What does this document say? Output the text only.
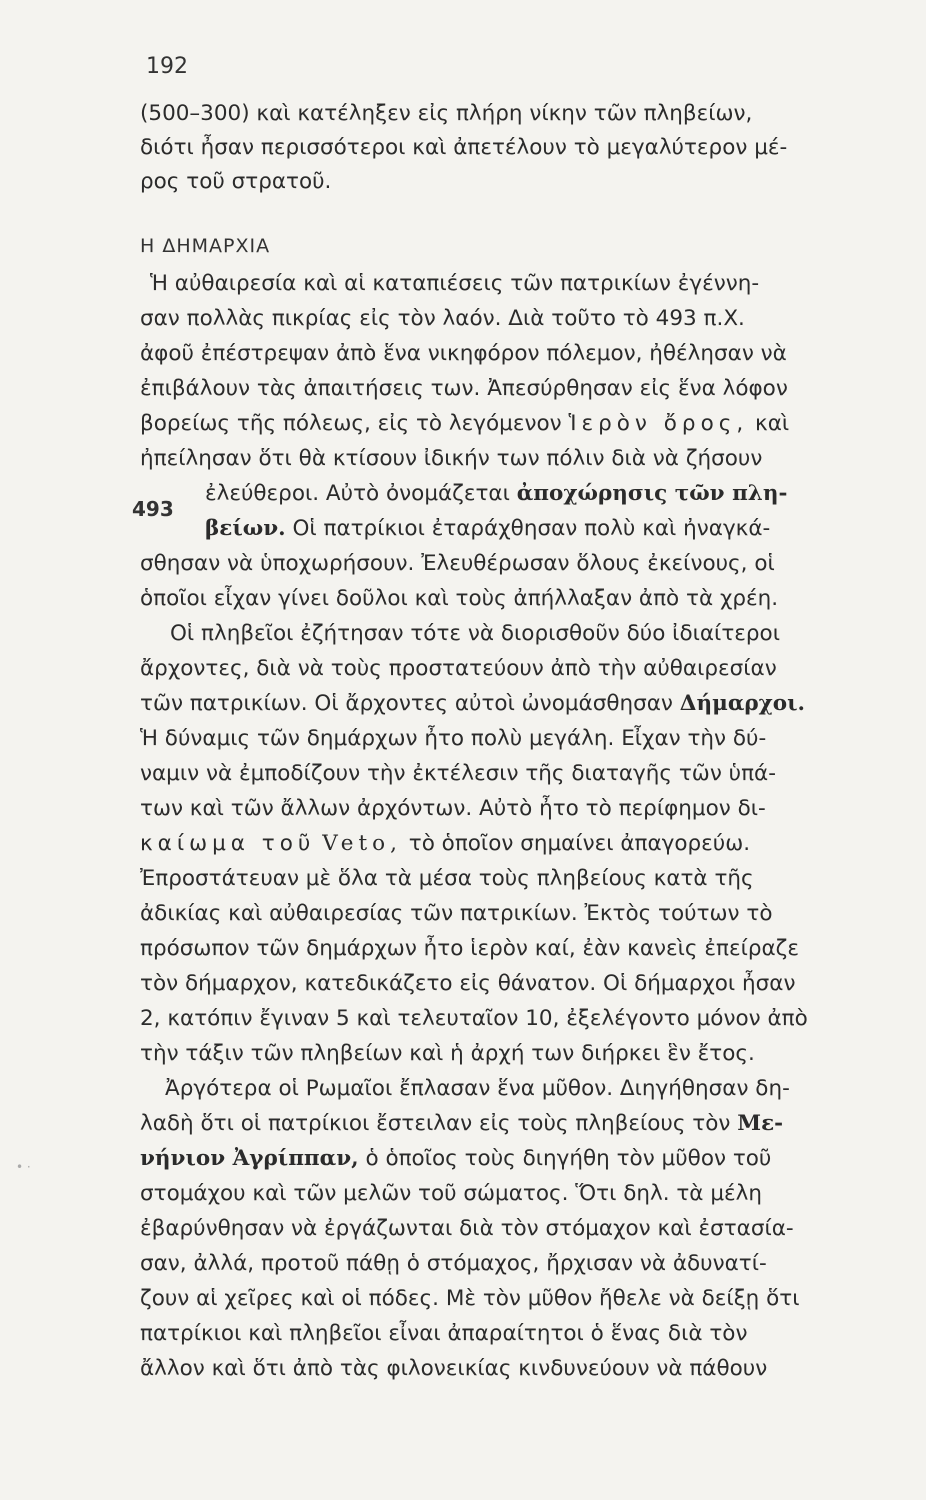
192
(500–300) καὶ κατέληξεν εἰς πλήρη νίκην τῶν πληβείων,
διότι ἦσαν περισσότεροι καὶ ἀπετέλουν τὸ μεγαλύτερον μέ-
ρος τοῦ στρατοῦ.
Η ΔΗΜΑΡΧΙΑ
Ἡ αὐθαιρεσία καὶ αἱ καταπιέσεις τῶν πατρικίων ἐγέννη-
σαν πολλὰς πικρίας εἰς τὸν λαόν. Διὰ τοῦτο τὸ 493 π.Χ.
ἀφοῦ ἐπέστρεψαν ἀπὸ ἕνα νικηφόρον πόλεμον, ἠθέλησαν νὰ
ἐπιβάλουν τὰς ἀπαιτήσεις των. Ἀπεσύρθησαν εἰς ἕνα λόφον
βορείως τῆς πόλεως, εἰς τὸ λεγόμενον Ἱερὸν ὄρος, καὶ
ἠπείλησαν ὅτι θὰ κτίσουν ἰδικήν των πόλιν διὰ νὰ ζήσουν
493
ἐλεύθεροι. Αὐτὸ ὀνομάζεται ἀποχώρησις τῶν πλη-
βείων. Οἱ πατρίκιοι ἐταράχθησαν πολὺ καὶ ἠναγκά-
σθησαν νὰ ὑποχωρήσουν. Ἐλευθέρωσαν ὅλους ἐκείνους, οἱ
ὁποῖοι εἶχαν γίνει δοῦλοι καὶ τοὺς ἀπήλλαξαν ἀπὸ τὰ χρέη.
Οἱ πληβεῖοι ἐζήτησαν τότε νὰ διορισθοῦν δύο ἰδιαίτεροι
ἄρχοντες, διὰ νὰ τοὺς προστατεύουν ἀπὸ τὴν αὐθαιρεσίαν
τῶν πατρικίων. Οἱ ἄρχοντες αὐτοὶ ὠνομάσθησαν Δήμαρχοι.
Ἡ δύναμις τῶν δημάρχων ἦτο πολὺ μεγάλη. Εἶχαν τὴν δύ-
ναμιν νὰ ἐμποδίζουν τὴν ἐκτέλεσιν τῆς διαταγῆς τῶν ὑπά-
των καὶ τῶν ἄλλων ἀρχόντων. Αὐτὸ ἦτο τὸ περίφημον δι-
καίωμα τοῦ Veto, τὸ ὁποῖον σημαίνει ἀπαγορεύω.
Ἐπροστάτευαν μὲ ὅλα τὰ μέσα τοὺς πληβείους κατὰ τῆς
ἀδικίας καὶ αὐθαιρεσίας τῶν πατρικίων. Ἐκτὸς τούτων τὸ
πρόσωπον τῶν δημάρχων ἦτο ἱερὸν καί, ἐὰν κανεὶς ἐπείραζε
τὸν δήμαρχον, κατεδικάζετο εἰς θάνατον. Οἱ δήμαρχοι ἦσαν
2, κατόπιν ἔγιναν 5 καὶ τελευταῖον 10, ἐξελέγοντο μόνον ἀπὸ
τὴν τάξιν τῶν πληβείων καὶ ἡ ἀρχή των διήρκει ἓν ἔτος.
Ἀργότερα οἱ Ρωμαῖοι ἔπλασαν ἕνα μῦθον. Διηγήθησαν δη-
λαδὴ ὅτι οἱ πατρίκιοι ἔστειλαν εἰς τοὺς πληβείους τὸν Με-
νήνιον Ἀγρίππαν, ὁ ὁποῖος τοὺς διηγήθη τὸν μῦθον τοῦ
στομάχου καὶ τῶν μελῶν τοῦ σώματος. Ὅτι δηλ. τὰ μέλη
ἐβαρύνθησαν νὰ ἐργάζωνται διὰ τὸν στόμαχον καὶ ἐστασία-
σαν, ἀλλά, προτοῦ πάθῃ ὁ στόμαχος, ἤρχισαν νὰ ἀδυνατί-
ζουν αἱ χεῖρες καὶ οἱ πόδες. Μὲ τὸν μῦθον ἤθελε νὰ δείξῃ ὅτι
πατρίκιοι καὶ πληβεῖοι εἶναι ἀπαραίτητοι ὁ ἕνας διὰ τὸν
ἄλλον καὶ ὅτι ἀπὸ τὰς φιλονεικίας κινδυνεύουν νὰ πάθουν
• ·
